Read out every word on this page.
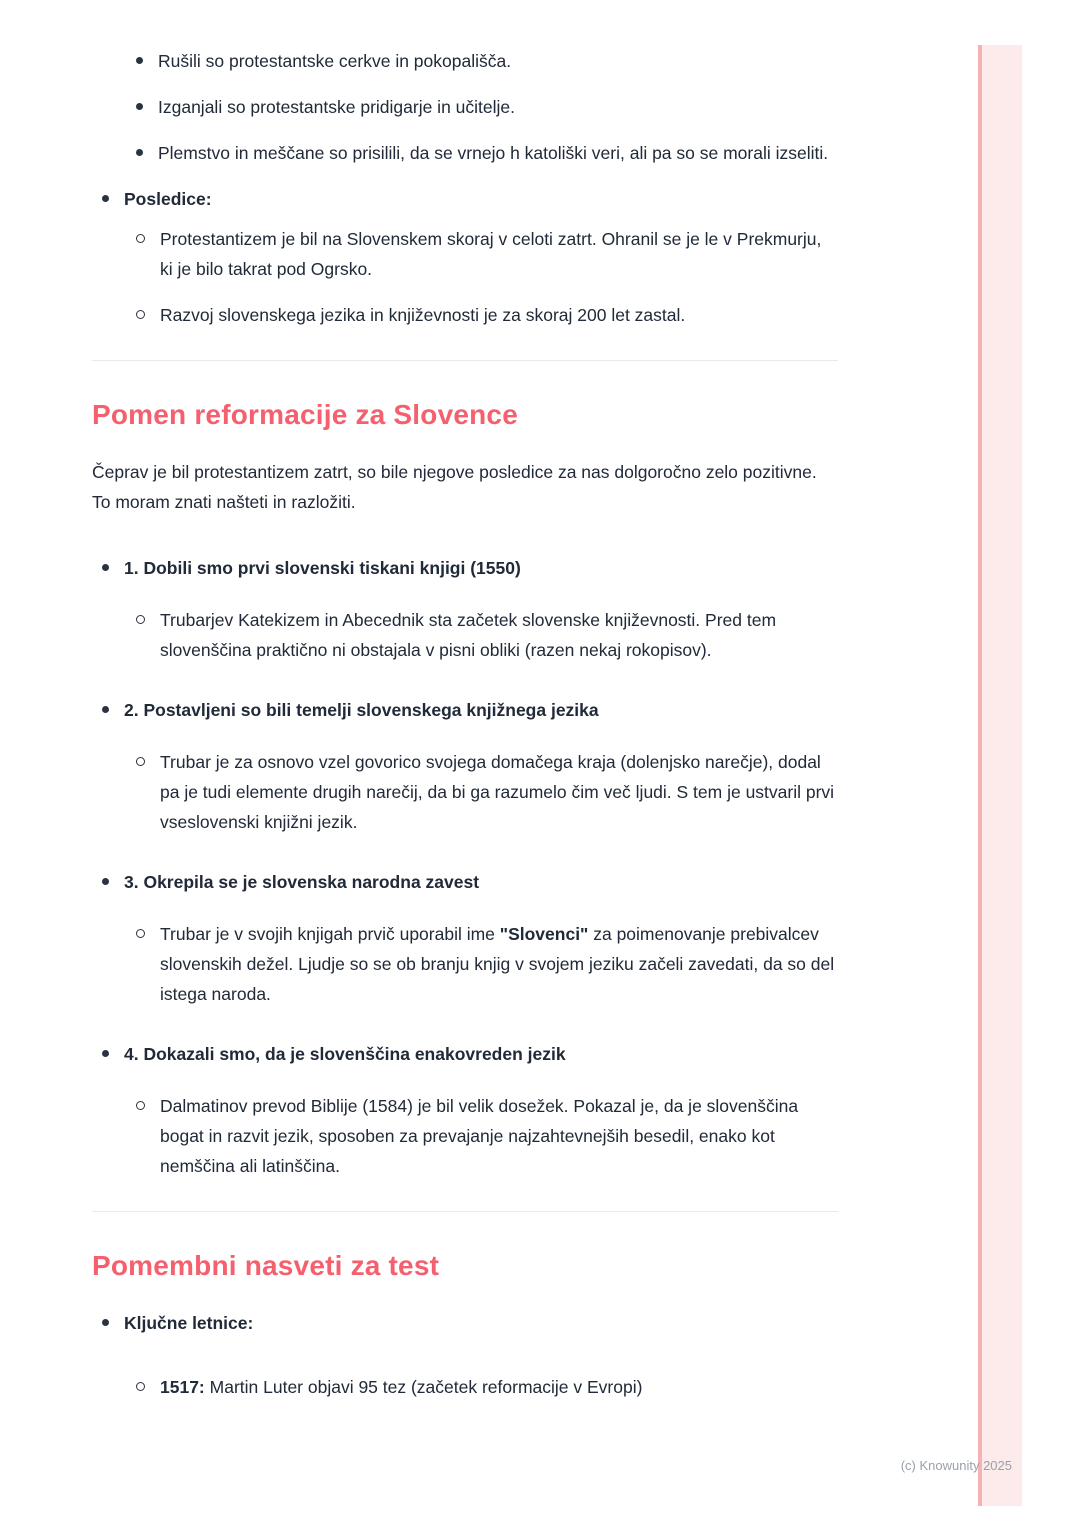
Rušili so protestantske cerkve in pokopališča.

Izganjali so protestantske pridigarje in učitelje.

Plemstvo in meščane so prisilili, da se vrnejo h katoliški veri, ali pa so se morali izseliti.

Posledice:

Protestantizem je bil na Slovenskem skoraj v celoti zatrt. Ohranil se je le v Prekmurju, ki je bilo takrat pod Ogrsko.

Razvoj slovenskega jezika in književnosti je za skoraj 200 let zastal.

Pomen reformacije za Slovence

Čeprav je bil protestantizem zatrt, so bile njegove posledice za nas dolgoročno zelo pozitivne. To moram znati našteti in razložiti.

1. Dobili smo prvi slovenski tiskani knjigi (1550)

Trubarjev Katekizem in Abecednik sta začetek slovenske književnosti. Pred tem slovenščina praktično ni obstajala v pisni obliki (razen nekaj rokopisov).

2. Postavljeni so bili temelji slovenskega knjižnega jezika

Trubar je za osnovo vzel govorico svojega domačega kraja (dolenjsko narečje), dodal pa je tudi elemente drugih narečij, da bi ga razumelo čim več ljudi. S tem je ustvaril prvi vseslovenski knjižni jezik.

3. Okrepila se je slovenska narodna zavest

Trubar je v svojih knjigah prvič uporabil ime "Slovenci" za poimenovanje prebivalcev slovenskih dežel. Ljudje so se ob branju knjig v svojem jeziku začeli zavedati, da so del istega naroda.

4. Dokazali smo, da je slovenščina enakovreden jezik

Dalmatinov prevod Biblije (1584) je bil velik dosežek. Pokazal je, da je slovenščina bogat in razvit jezik, sposoben za prevajanje najzahtevnejših besedil, enako kot nemščina ali latinščina.

Pomembni nasveti za test

Ključne letnice:

1517: Martin Luter objavi 95 tez (začetek reformacije v Evropi)

(c) Knowunity 2025
